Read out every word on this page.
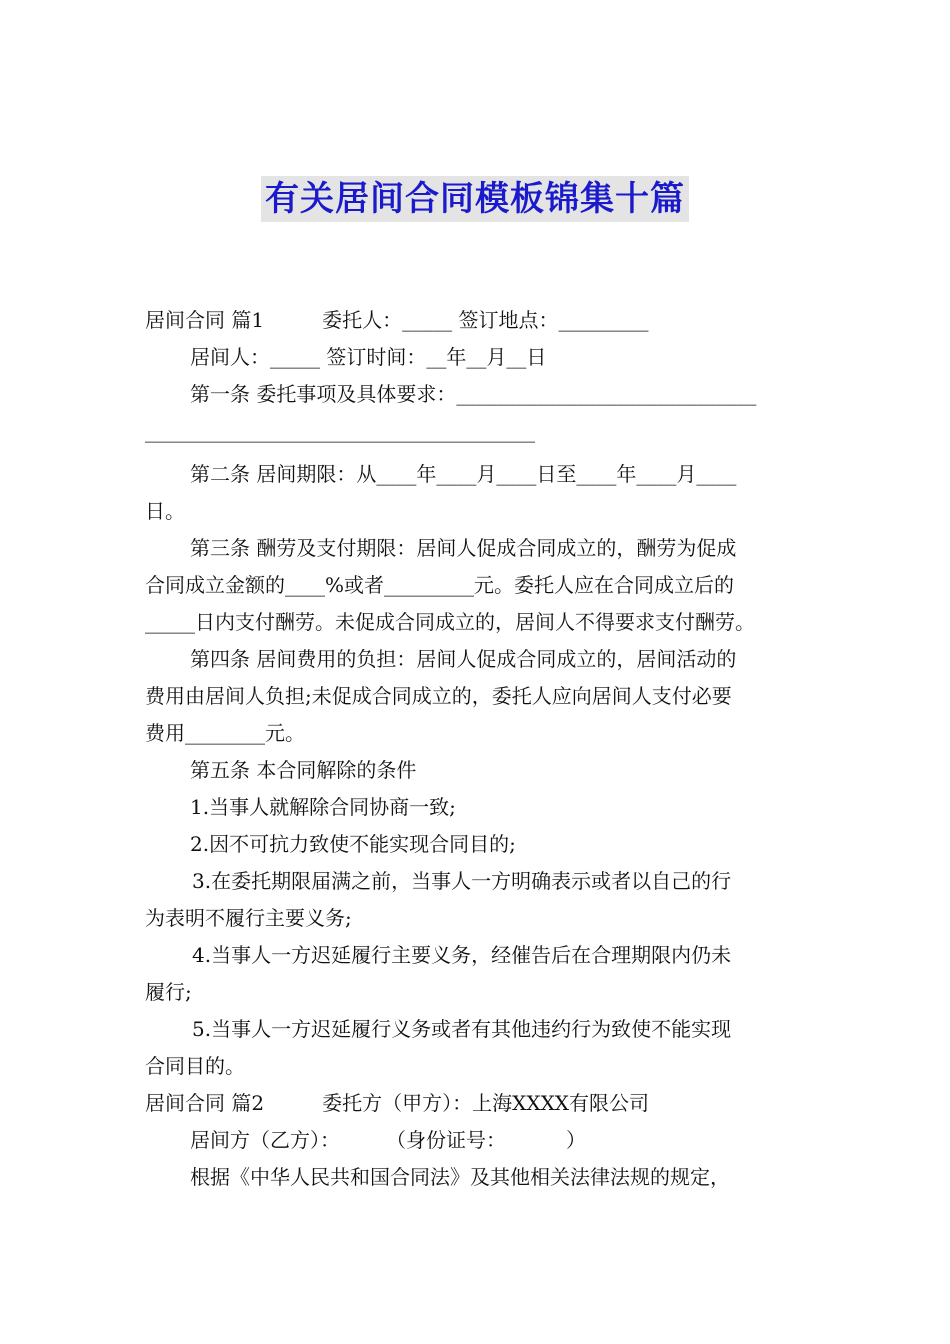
有关居间合同模板锦集十篇
居间合同 篇1	委托人：_____ 签订地点：_________
居间人：_____ 签订时间：__年__月__日
第一条 委托事项及具体要求：______________________________
_______________________________________
第二条 居间期限：从____年____月____日至____年____月____
日。
第三条 酬劳及支付期限：居间人促成合同成立的，酬劳为促成
合同成立金额的____%或者_________元。委托人应在合同成立后的
_____日内支付酬劳。未促成合同成立的，居间人不得要求支付酬劳。
第四条 居间费用的负担：居间人促成合同成立的，居间活动的
费用由居间人负担;未促成合同成立的，委托人应向居间人支付必要
费用________元。
第五条 本合同解除的条件
1.当事人就解除合同协商一致;
2.因不可抗力致使不能实现合同目的;
3.在委托期限届满之前，当事人一方明确表示或者以自己的行
为表明不履行主要义务;
4.当事人一方迟延履行主要义务，经催告后在合理期限内仍未
履行;
5.当事人一方迟延履行义务或者有其他违约行为致使不能实现
合同目的。
居间合同 篇2	委托方（甲方）：上海XXXX有限公司
居间方（乙方）： （身份证号：	）
根据《中华人民共和国合同法》及其他相关法律法规的规定，
